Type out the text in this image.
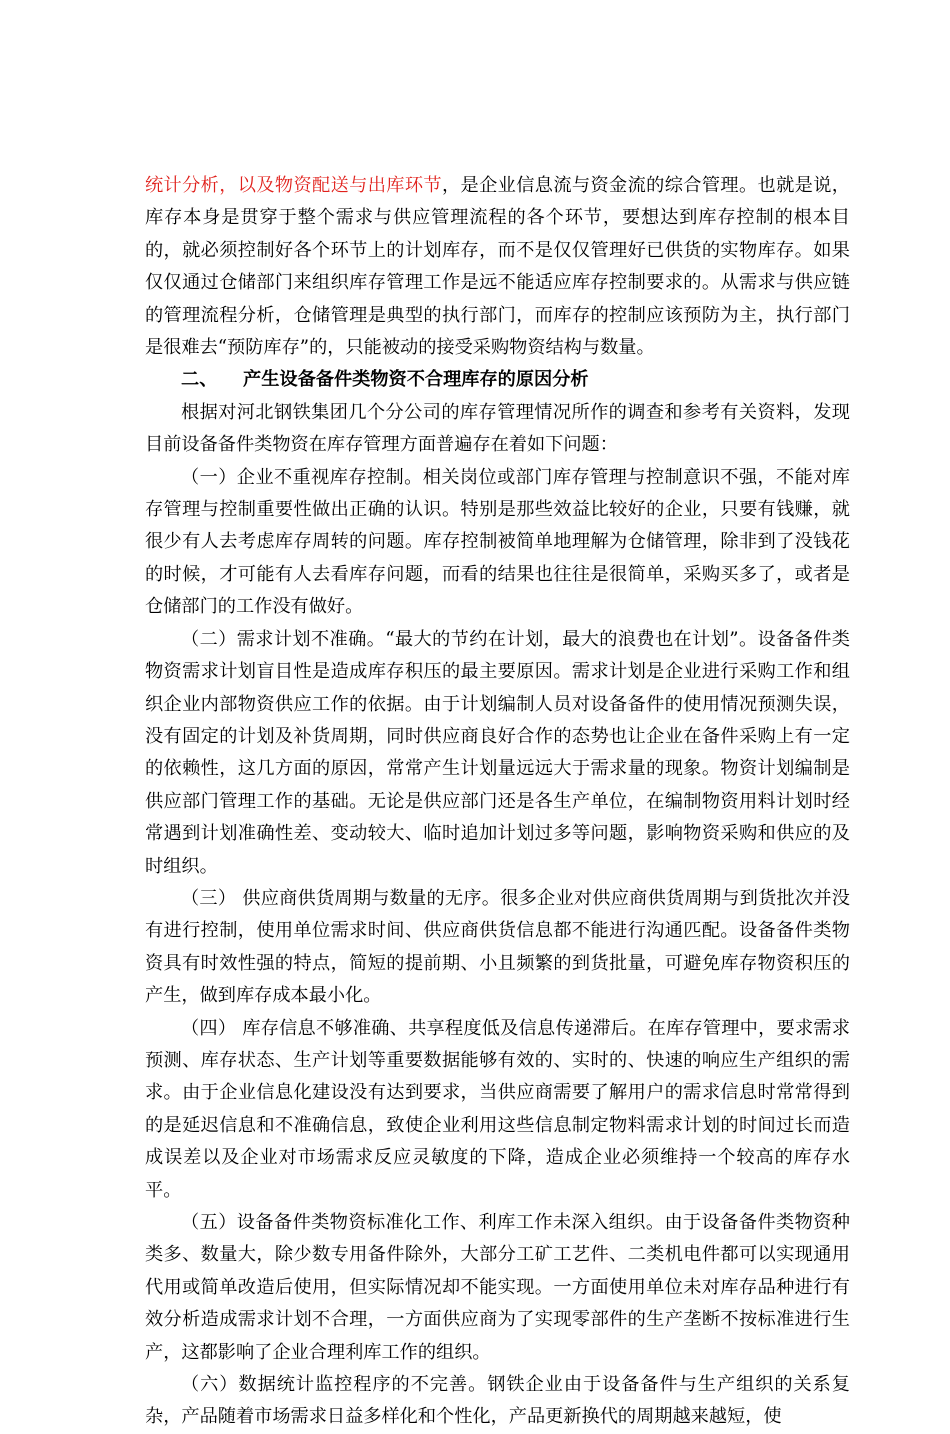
统计分析，以及物资配送与出库环节，是企业信息流与资金流的综合管理。也就是说，库存本身是贯穿于整个需求与供应管理流程的各个环节，要想达到库存控制的根本目的，就必须控制好各个环节上的计划库存，而不是仅仅管理好已供货的实物库存。如果仅仅通过仓储部门来组织库存管理工作是远不能适应库存控制要求的。从需求与供应链的管理流程分析，仓储管理是典型的执行部门，而库存的控制应该预防为主，执行部门是很难去“预防库存”的，只能被动的接受采购物资结构与数量。

二、 产生设备备件类物资不合理库存的原因分析

根据对河北钢铁集团几个分公司的库存管理情况所作的调查和参考有关资料，发现目前设备备件类物资在库存管理方面普遍存在着如下问题：

（一）企业不重视库存控制。相关岗位或部门库存管理与控制意识不强，不能对库存管理与控制重要性做出正确的认识。特别是那些效益比较好的企业，只要有钱赚，就很少有人去考虑库存周转的问题。库存控制被简单地理解为仓储管理，除非到了没钱花的时候，才可能有人去看库存问题，而看的结果也往往是很简单，采购买多了，或者是仓储部门的工作没有做好。

（二）需求计划不准确。“最大的节约在计划，最大的浪费也在计划”。设备备件类物资需求计划盲目性是造成库存积压的最主要原因。需求计划是企业进行采购工作和组织企业内部物资供应工作的依据。由于计划编制人员对设备备件的使用情况预测失误，没有固定的计划及补货周期，同时供应商良好合作的态势也让企业在备件采购上有一定的依赖性，这几方面的原因，常常产生计划量远远大于需求量的现象。物资计划编制是供应部门管理工作的基础。无论是供应部门还是各生产单位，在编制物资用料计划时经常遇到计划准确性差、变动较大、临时追加计划过多等问题，影响物资采购和供应的及时组织。

（三） 供应商供货周期与数量的无序。很多企业对供应商供货周期与到货批次并没有进行控制，使用单位需求时间、供应商供货信息都不能进行沟通匹配。设备备件类物资具有时效性强的特点，简短的提前期、小且频繁的到货批量，可避免库存物资积压的产生，做到库存成本最小化。

（四） 库存信息不够准确、共享程度低及信息传递滞后。在库存管理中，要求需求预测、库存状态、生产计划等重要数据能够有效的、实时的、快速的响应生产组织的需求。由于企业信息化建设没有达到要求，当供应商需要了解用户的需求信息时常常得到的是延迟信息和不准确信息，致使企业利用这些信息制定物料需求计划的时间过长而造成误差以及企业对市场需求反应灵敏度的下降，造成企业必须维持一个较高的库存水平。

（五）设备备件类物资标准化工作、利库工作未深入组织。由于设备备件类物资种类多、数量大，除少数专用备件除外，大部分工矿工艺件、二类机电件都可以实现通用代用或简单改造后使用，但实际情况却不能实现。一方面使用单位未对库存品种进行有效分析造成需求计划不合理，一方面供应商为了实现零部件的生产垄断不按标准进行生产，这都影响了企业合理利库工作的组织。

（六）数据统计监控程序的不完善。钢铁企业由于设备备件与生产组织的关系复杂，产品随着市场需求日益多样化和个性化，产品更新换代的周期越来越短，使
